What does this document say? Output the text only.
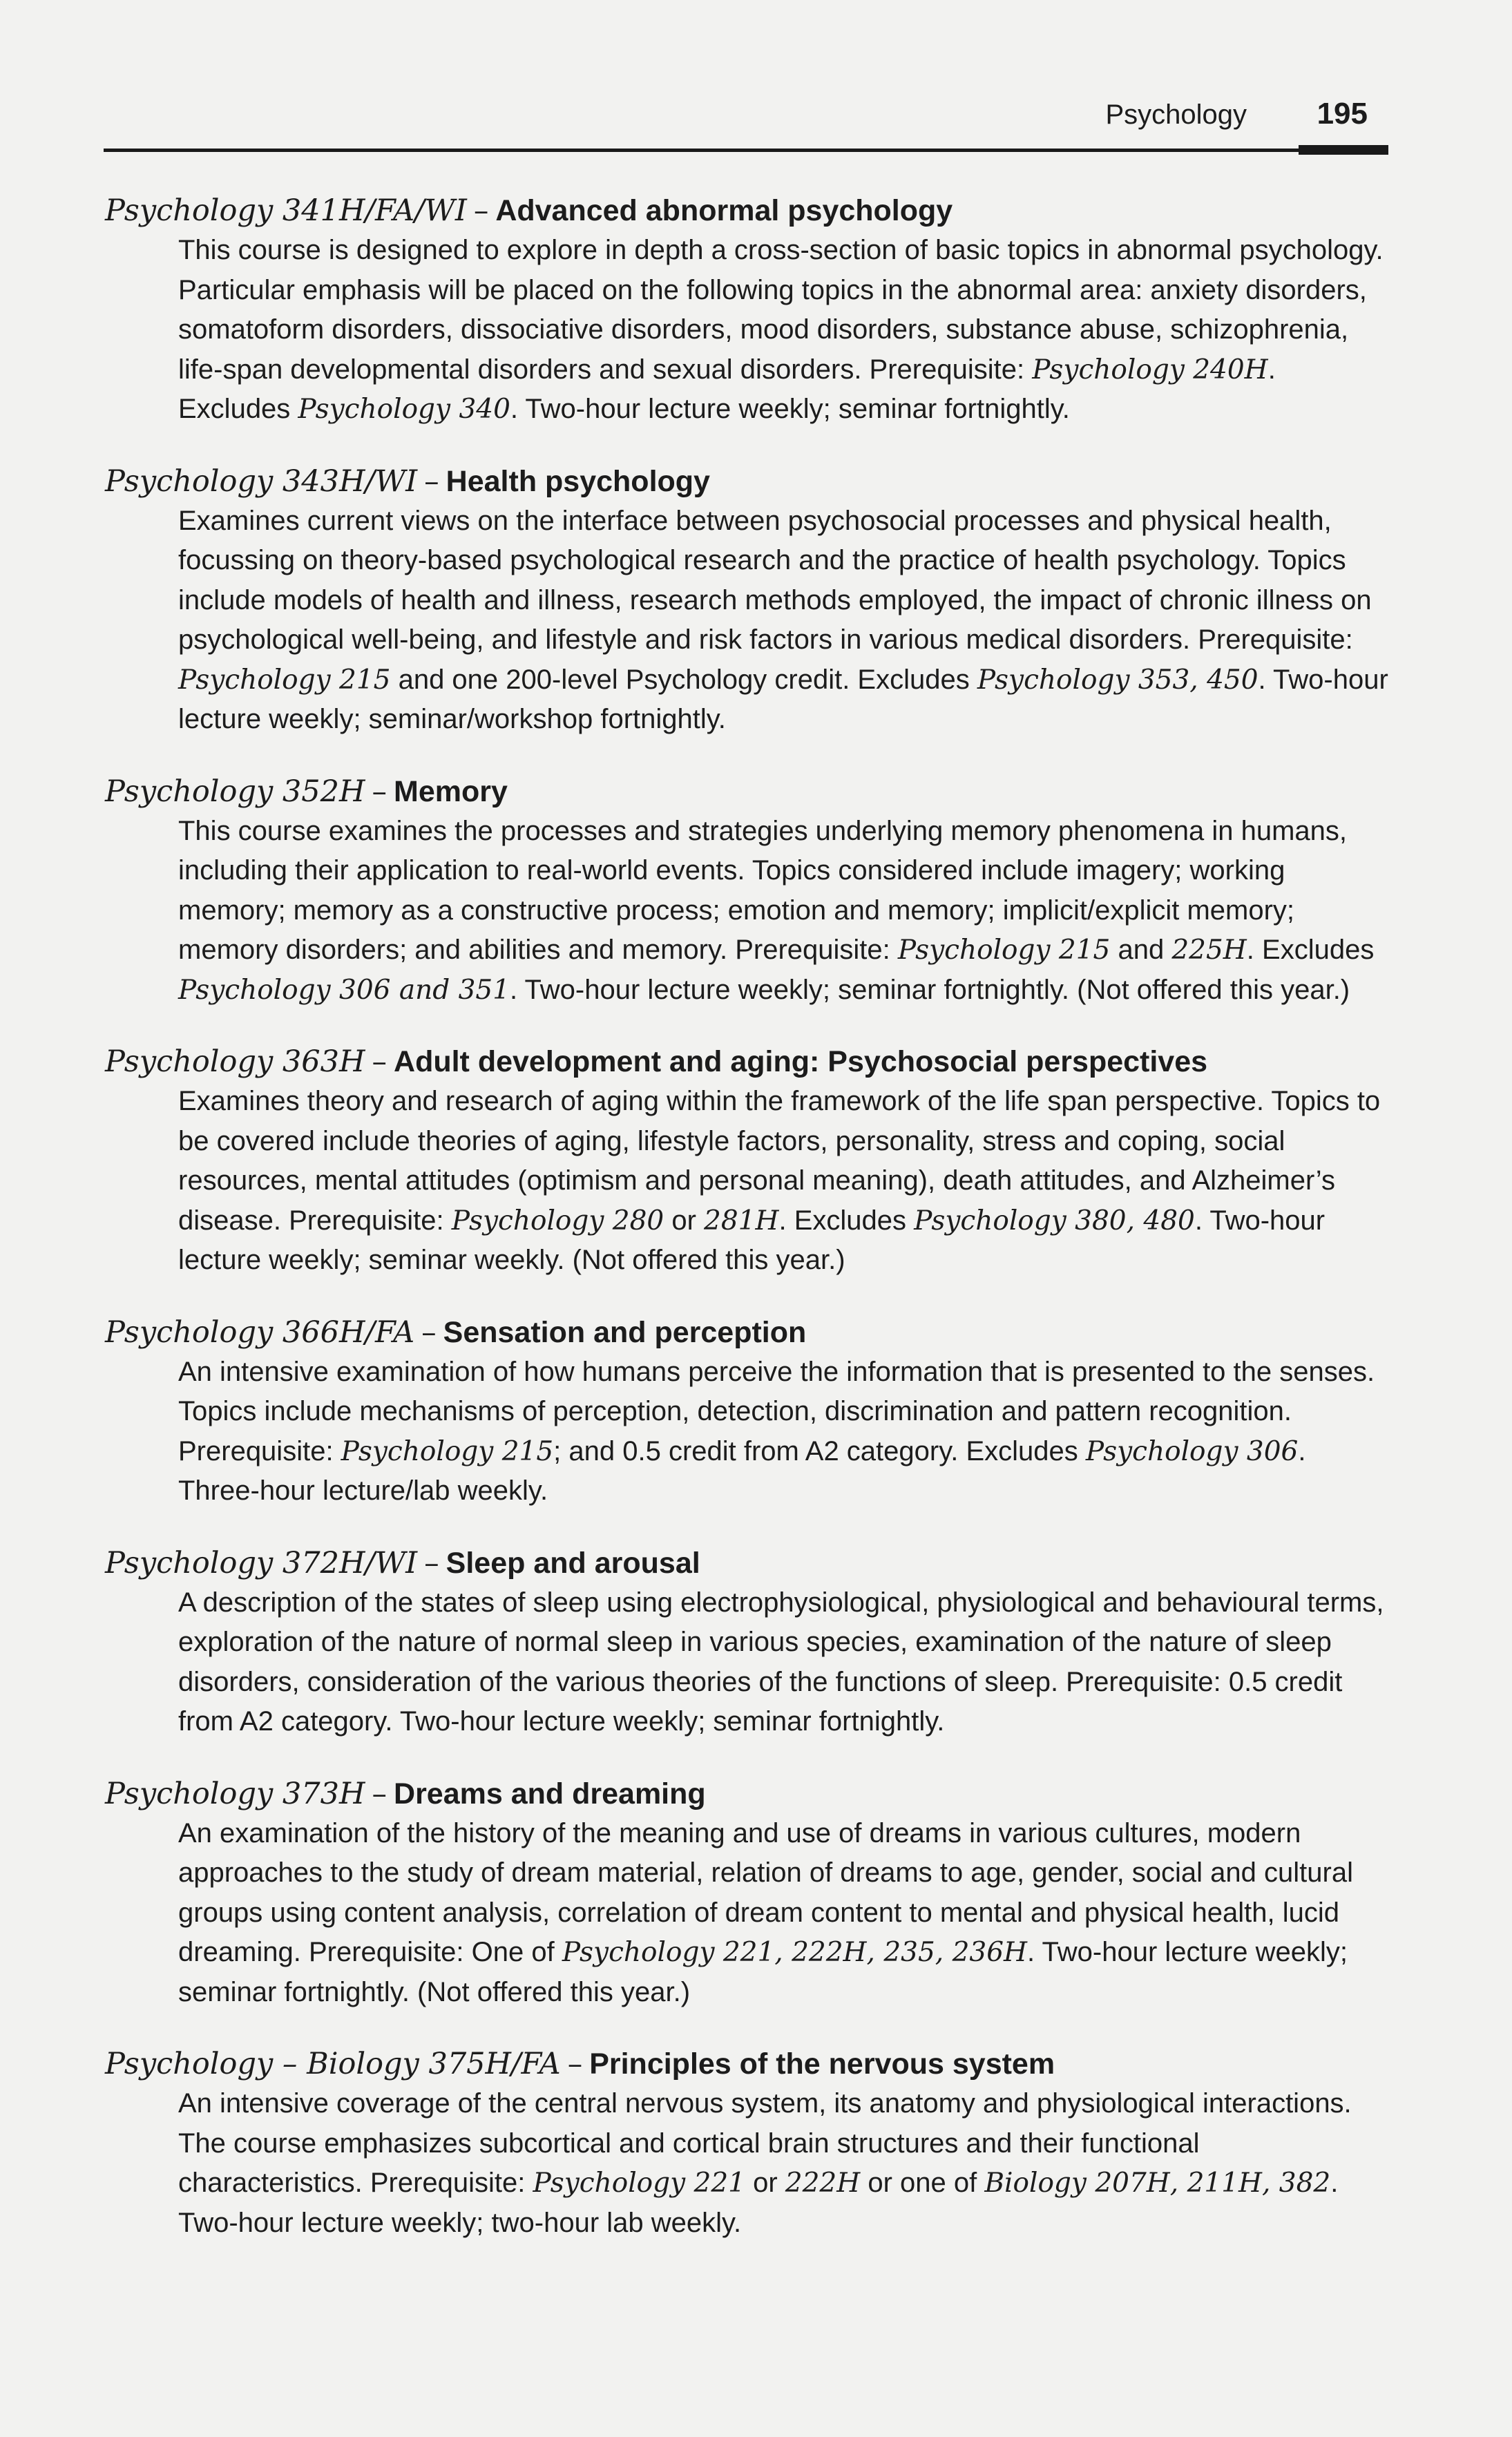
Psychology 195

Psychology 341H/FA/WI – Advanced abnormal psychology

This course is designed to explore in depth a cross-section of basic topics in abnormal psychology. Particular emphasis will be placed on the following topics in the abnormal area: anxiety disorders, somatoform disorders, dissociative disorders, mood disorders, substance abuse, schizophrenia, life-span developmental disorders and sexual disorders. Prerequisite: Psychology 240H. Excludes Psychology 340. Two-hour lecture weekly; seminar fortnightly.

Psychology 343H/WI – Health psychology

Examines current views on the interface between psychosocial processes and physical health, focussing on theory-based psychological research and the practice of health psychology. Topics include models of health and illness, research methods employed, the impact of chronic illness on psychological well-being, and lifestyle and risk factors in various medical disorders. Prerequisite: Psychology 215 and one 200-level Psychology credit. Excludes Psychology 353, 450. Two-hour lecture weekly; seminar/workshop fortnightly.

Psychology 352H – Memory

This course examines the processes and strategies underlying memory phenomena in humans, including their application to real-world events. Topics considered include imagery; working memory; memory as a constructive process; emotion and memory; implicit/explicit memory; memory disorders; and abilities and memory. Prerequisite: Psychology 215 and 225H. Excludes Psychology 306 and 351. Two-hour lecture weekly; seminar fortnightly. (Not offered this year.)

Psychology 363H – Adult development and aging: Psychosocial perspectives

Examines theory and research of aging within the framework of the life span perspective. Topics to be covered include theories of aging, lifestyle factors, personality, stress and coping, social resources, mental attitudes (optimism and personal meaning), death attitudes, and Alzheimer’s disease. Prerequisite: Psychology 280 or 281H. Excludes Psychology 380, 480. Two-hour lecture weekly; seminar weekly. (Not offered this year.)

Psychology 366H/FA – Sensation and perception

An intensive examination of how humans perceive the information that is presented to the senses. Topics include mechanisms of perception, detection, discrimination and pattern recognition. Prerequisite: Psychology 215; and 0.5 credit from A2 category. Excludes Psychology 306. Three-hour lecture/lab weekly.

Psychology 372H/WI – Sleep and arousal

A description of the states of sleep using electrophysiological, physiological and behavioural terms, exploration of the nature of normal sleep in various species, examination of the nature of sleep disorders, consideration of the various theories of the functions of sleep. Prerequisite: 0.5 credit from A2 category. Two-hour lecture weekly; seminar fortnightly.

Psychology 373H – Dreams and dreaming

An examination of the history of the meaning and use of dreams in various cultures, modern approaches to the study of dream material, relation of dreams to age, gender, social and cultural groups using content analysis, correlation of dream content to mental and physical health, lucid dreaming. Prerequisite: One of Psychology 221, 222H, 235, 236H. Two-hour lecture weekly; seminar fortnightly. (Not offered this year.)

Psychology – Biology 375H/FA – Principles of the nervous system

An intensive coverage of the central nervous system, its anatomy and physiological interactions. The course emphasizes subcortical and cortical brain structures and their functional characteristics. Prerequisite: Psychology 221 or 222H or one of Biology 207H, 211H, 382. Two-hour lecture weekly; two-hour lab weekly.
